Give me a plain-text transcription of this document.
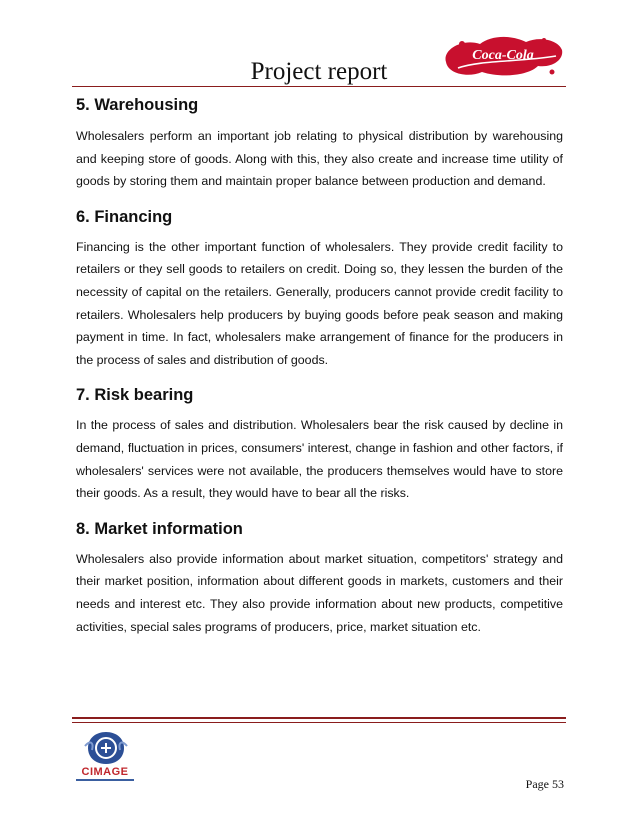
Project report
Coca-Cola
5. Warehousing

Wholesalers perform an important job relating to physical distribution by warehousing and keeping store of goods. Along with this, they also create and increase time utility of goods by storing them and maintain proper balance between production and demand.

6. Financing

Financing is the other important function of wholesalers. They provide credit facility to retailers or they sell goods to retailers on credit. Doing so, they lessen the burden of the necessity of capital on the retailers. Generally, producers cannot provide credit facility to retailers. Wholesalers help producers by buying goods before peak season and making payment in time. In fact, wholesalers make arrangement of finance for the producers in the process of sales and distribution of goods.

7. Risk bearing

In the process of sales and distribution. Wholesalers bear the risk caused by decline in demand, fluctuation in prices, consumers' interest, change in fashion and other factors, if wholesalers' services were not available, the producers themselves would have to store their goods. As a result, they would have to bear all the risks.

8. Market information

Wholesalers also provide information about market situation, competitors' strategy and their market position, information about different goods in markets, customers and their needs and interest etc. They also provide information about new products, competitive activities, special sales programs of producers, price, market situation etc.

CIMAGE
Page 53
